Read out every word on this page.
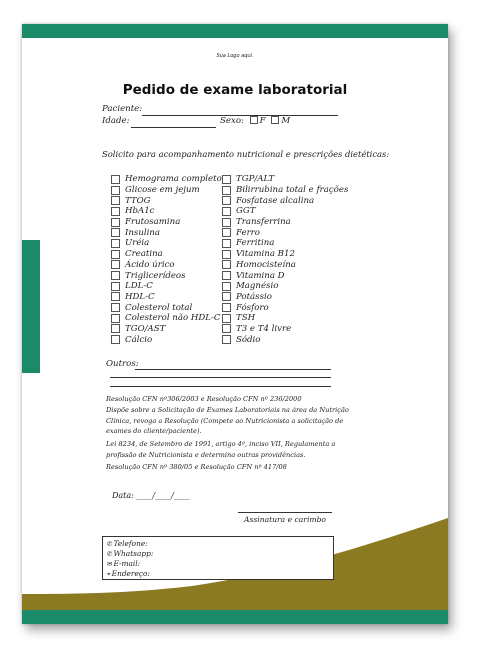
Sua Logo aqui.
Pedido de exame laboratorial
Paciente:
Idade:	Sexo: F M
Solicito para acompanhamento nutricional e prescrições dietéticas:
Hemograma completo
Glicose em jejum
TTOG
HbA1c
Frutosamina
Insulina
Uréia
Creatina
Ácido úrico
Triglicerídeos
LDL-C
HDL-C
Colesterol total
Colesterol não HDL-C
TGO/AST
Cálcio
TGP/ALT
Bilirrubina total e frações
Fosfatase alcalina
GGT
Transferrina
Ferro
Ferritina
Vitamina B12
Homocisteína
Vitamina D
Magnésio
Potássio
Fósforo
TSH
T3 e T4 livre
Sódio
Outros:
Resolução CFN nº306/2003 e Resolução CFN nº 236/2000
Dispõe sobre a Solicitação de Exames Laboratoriais na área da Nutrição Clínica, revoga a Resolução (Compete ao Nutricionista a solicitação de exames do cliente/paciente).
Lei 8234, de Setembro de 1991, artigo 4º, inciso VII, Regulamenta a profissão de Nutricionista e determina outras providências.
Resolução CFN nº 380/05 e Resolução CFN nº 417/08
Data: ____/____/____
Assinatura e carimbo
✆Telefone:
✆Whatsapp:
✉E-mail:
⌖Endereço:
